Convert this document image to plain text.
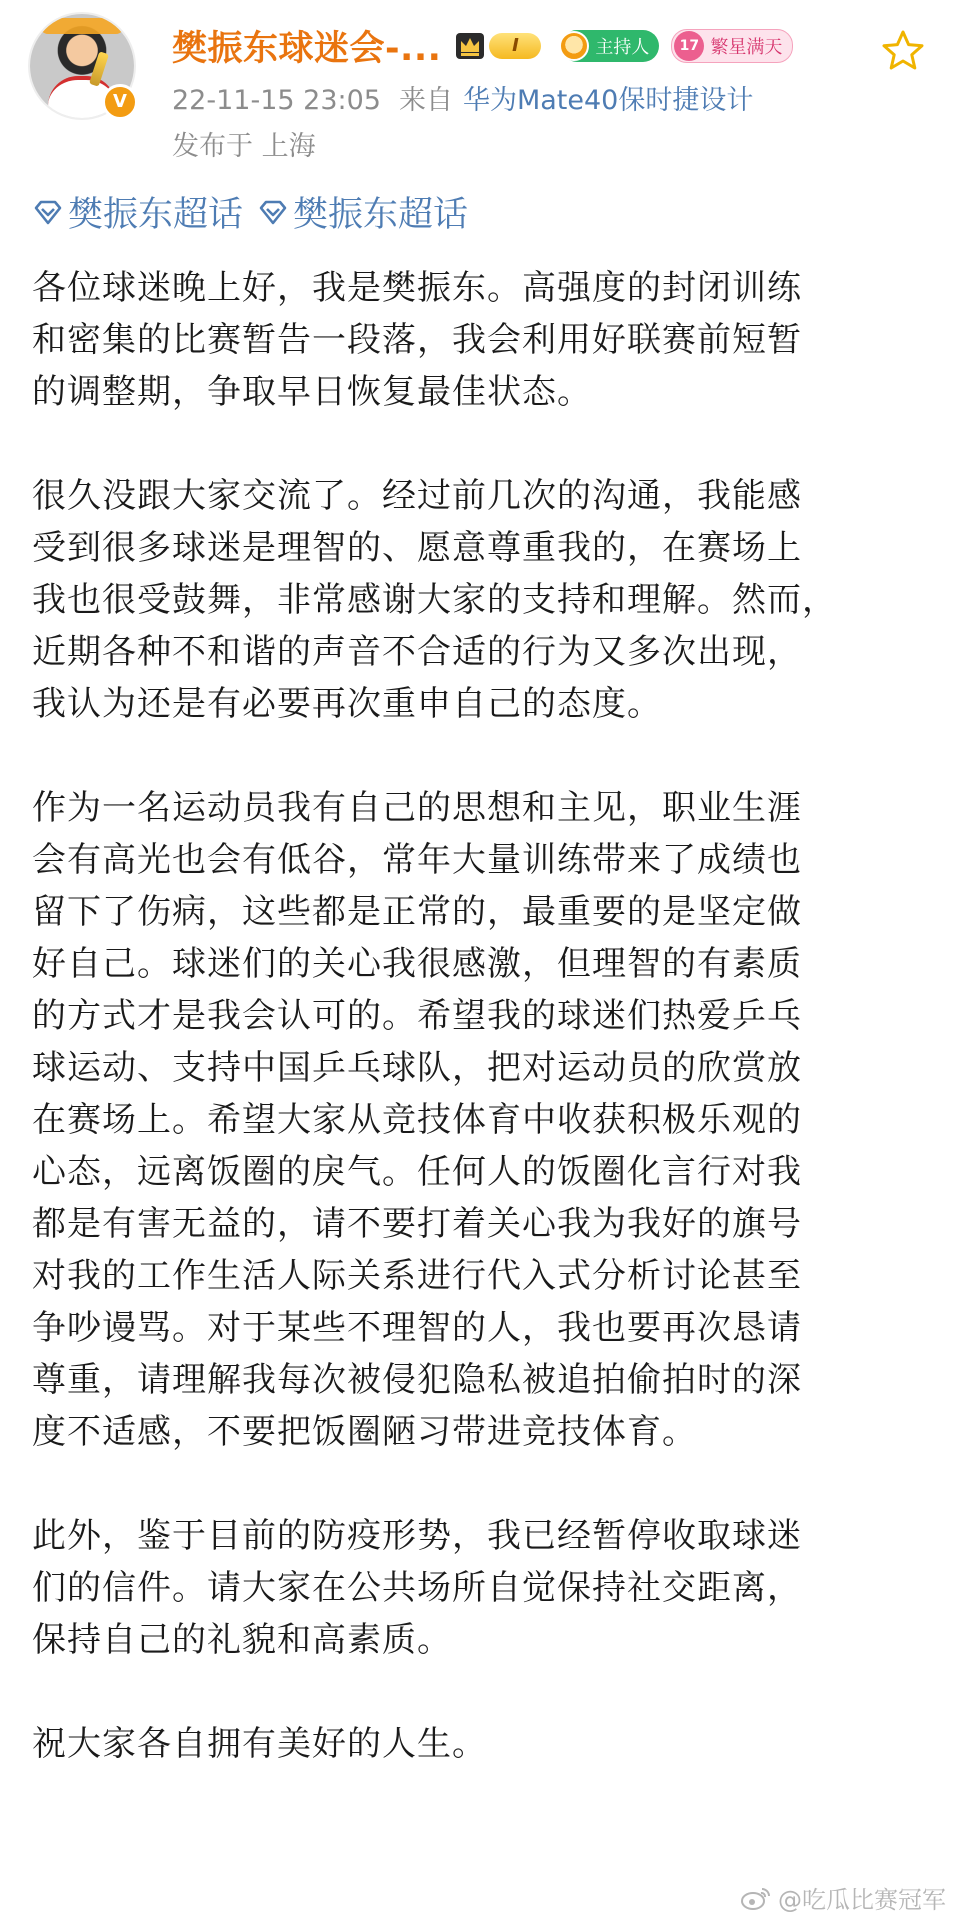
V
樊振东球迷会-...	I	主持人	17 繁星满天
22-11-15 23:05 来自 华为Mate40保时捷设计
发布于 上海
樊振东超话 樊振东超话

各位球迷晚上好，我是樊振东。高强度的封闭训练
和密集的比赛暂告一段落，我会利用好联赛前短暂
的调整期，争取早日恢复最佳状态。

很久没跟大家交流了。经过前几次的沟通，我能感
受到很多球迷是理智的、愿意尊重我的，在赛场上
我也很受鼓舞，非常感谢大家的支持和理解。然而，
近期各种不和谐的声音不合适的行为又多次出现，
我认为还是有必要再次重申自己的态度。

作为一名运动员我有自己的思想和主见，职业生涯
会有高光也会有低谷，常年大量训练带来了成绩也
留下了伤病，这些都是正常的，最重要的是坚定做
好自己。球迷们的关心我很感激，但理智的有素质
的方式才是我会认可的。希望我的球迷们热爱乒乓
球运动、支持中国乒乓球队，把对运动员的欣赏放
在赛场上。希望大家从竞技体育中收获积极乐观的
心态，远离饭圈的戾气。任何人的饭圈化言行对我
都是有害无益的，请不要打着关心我为我好的旗号
对我的工作生活人际关系进行代入式分析讨论甚至
争吵谩骂。对于某些不理智的人，我也要再次恳请
尊重，请理解我每次被侵犯隐私被追拍偷拍时的深
度不适感，不要把饭圈陋习带进竞技体育。

此外，鉴于目前的防疫形势，我已经暂停收取球迷
们的信件。请大家在公共场所自觉保持社交距离，
保持自己的礼貌和高素质。

祝大家各自拥有美好的人生。

@吃瓜比赛冠军
